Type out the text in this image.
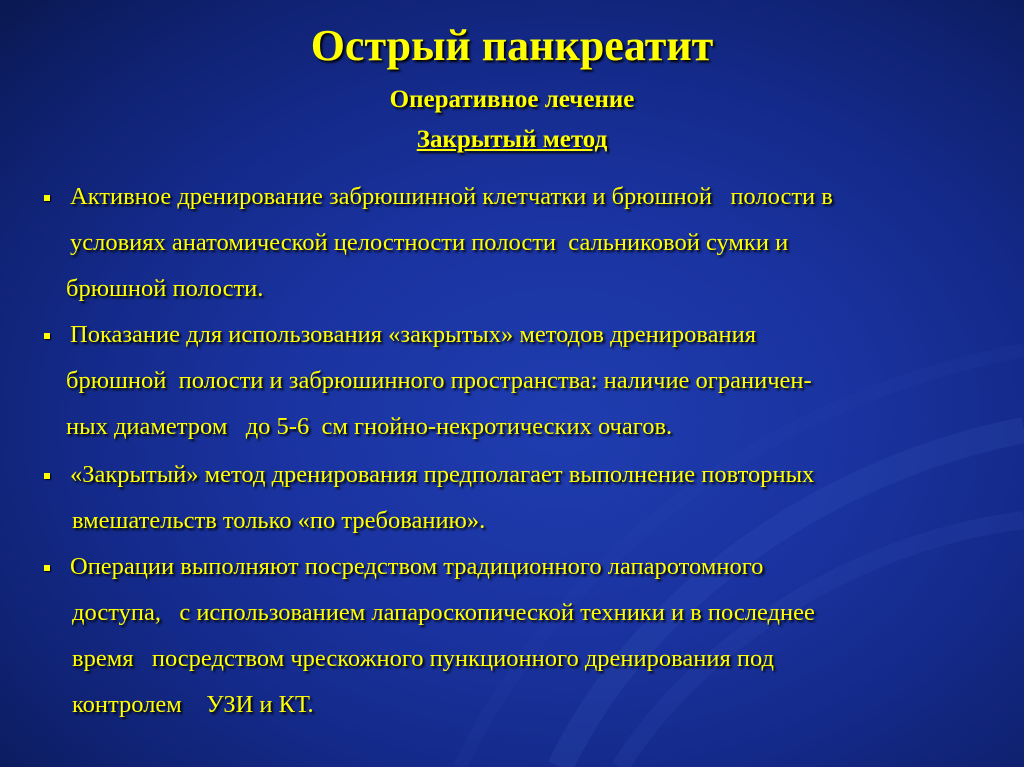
Острый панкреатит
Оперативное лечение
Закрытый метод
Активное дренирование забрюшинной клетчатки и брюшной   полости в
условиях анатомической целостности полости  сальниковой сумки и
брюшной полости.
Показание для использования «закрытых» методов дренирования
брюшной  полости и забрюшинного пространства: наличие ограничен-
ных диаметром   до 5-6  см гнойно-некротических очагов.
«Закрытый» метод дренирования предполагает выполнение повторных
вмешательств только «по требованию».
Операции выполняют посредством традиционного лапаротомного
доступа,   с использованием лапароскопической техники и в последнее
время   посредством чрескожного пункционного дренирования под
контролем    УЗИ и КТ.
